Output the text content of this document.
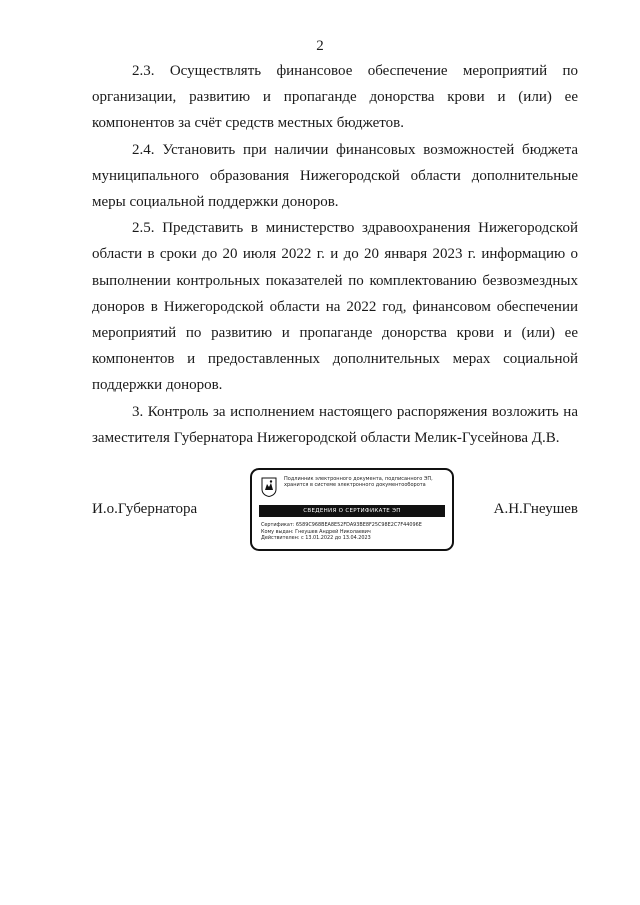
2

2.3. Осуществлять финансовое обеспечение мероприятий по организации, развитию и пропаганде донорства крови и (или) ее компонентов за счёт средств местных бюджетов.

2.4. Установить при наличии финансовых возможностей бюджета муниципального образования Нижегородской области дополнительные меры социальной поддержки доноров.

2.5. Представить в министерство здравоохранения Нижегородской области в сроки до 20 июля 2022 г. и до 20 января 2023 г. информацию о выполнении контрольных показателей по комплектованию безвозмездных доноров в Нижегородской области на 2022 год, финансовом обеспечении мероприятий по развитию и пропаганде донорства крови и (или) ее компонентов и предоставленных дополнительных мерах социальной поддержки доноров.

3. Контроль за исполнением настоящего распоряжения возложить на заместителя Губернатора Нижегородской области Мелик-Гусейнова Д.В.

И.о.Губернатора
Подлинник электронного документа, подписанного ЭП, хранится в системе электронного документооборота
СВЕДЕНИЯ О СЕРТИФИКАТЕ ЭП
Сертификат: 6589C968BEA8E52FDA93BE8F25C98E2C7F44096E
Кому выдан: Гнеушев Андрей Николаевич
Действителен: с 13.01.2022 до 13.04.2023
А.Н.Гнеушев
